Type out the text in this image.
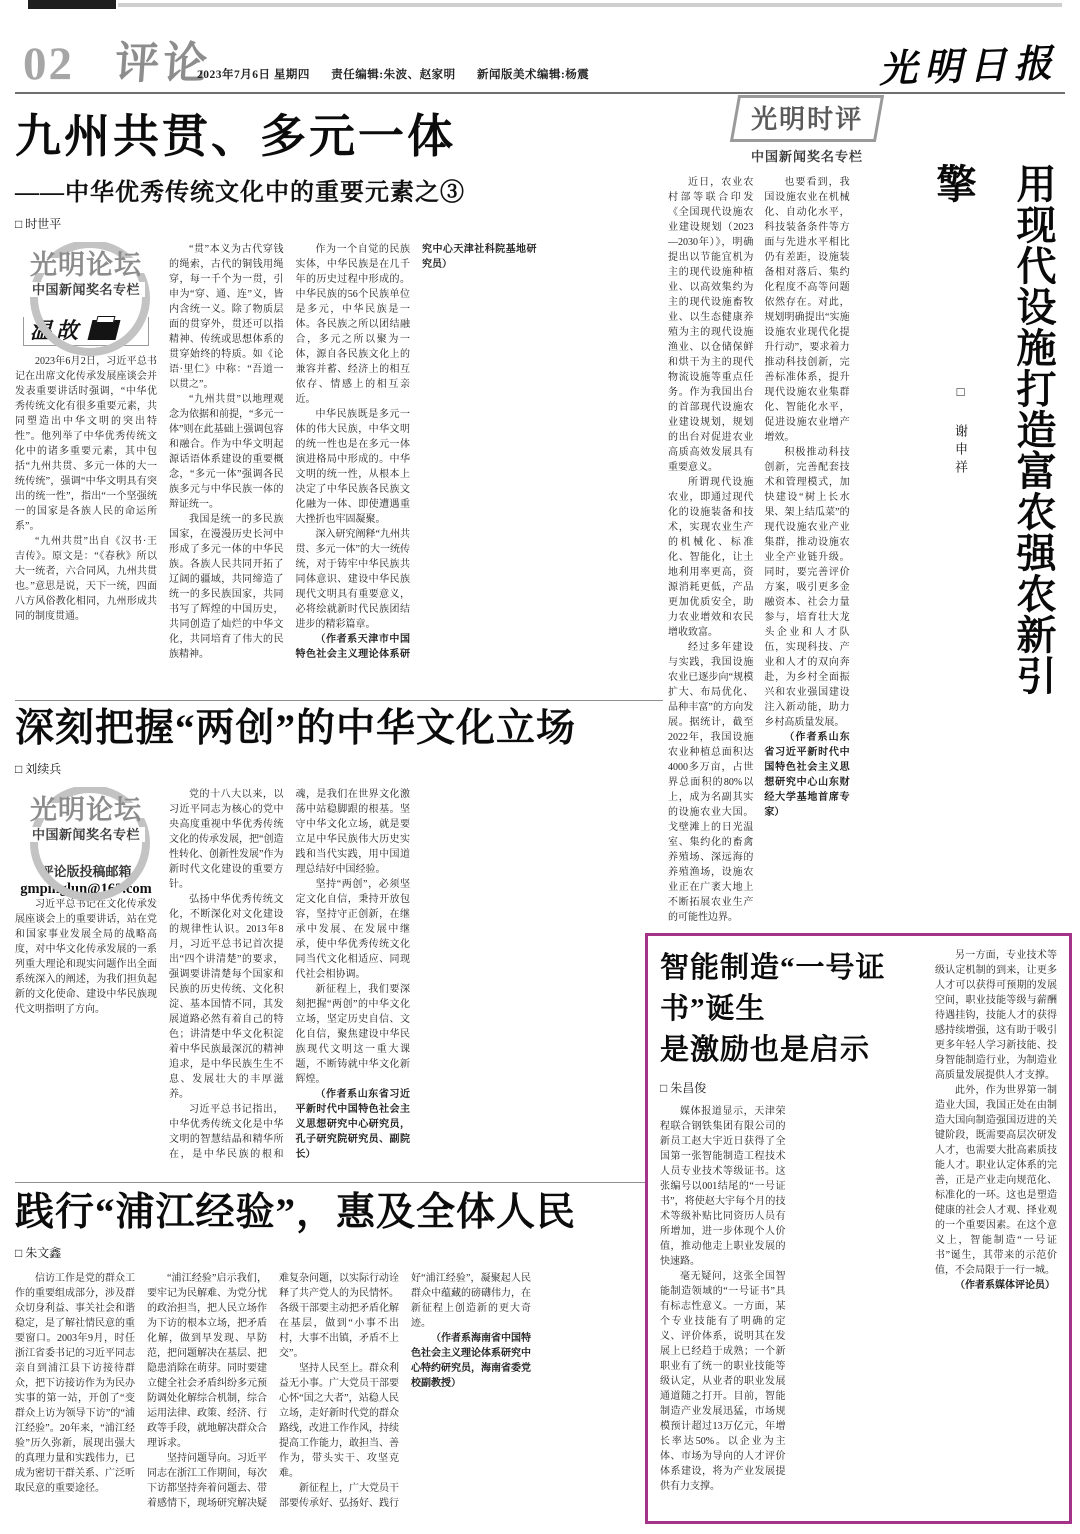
02 评论
2023年7月6日 星期四 责任编辑:朱波、赵家明 新闻版美术编辑:杨震	光明日报
九州共贯、多元一体
——中华优秀传统文化中的重要元素之③
□ 时世平
光明论坛
中国新闻奖名专栏
温故

2023年6月2日，习近平总书记在出席文化传承发展座谈会并发表重要讲话时强调，“中华优秀传统文化有很多重要元素，共同塑造出中华文明的突出特性”。他列举了中华优秀传统文化中的诸多重要元素，其中包括“九州共贯、多元一体的大一统传统”，强调“中华文明具有突出的统一性”，指出“一个坚强统一的国家是各族人民的命运所系”。

“九州共贯”出自《汉书·王吉传》。原文是：“《春秋》所以大一统者，六合同风，九州共贯也。”意思是说，天下一统，四面八方风俗教化相同，九州形成共同的制度贯通。

“贯”本义为古代穿钱的绳索，古代的铜钱用绳穿，每一千个为一贯，引申为“穿、通、连”义，皆内含统一义。除了物质层面的贯穿外，贯还可以指精神、传统或思想体系的贯穿始终的特质。如《论语·里仁》中称：“吾道一以贯之”。

“九州共贯”以地理观念为依据和前提，“多元一体”则在此基础上强调包容和融合。作为中华文明起源话语体系建设的重要概念，“多元一体”强调各民族多元与中华民族一体的辩证统一。

我国是统一的多民族国家，在漫漫历史长河中形成了多元一体的中华民族。各族人民共同开拓了辽阔的疆域，共同缔造了统一的多民族国家，共同书写了辉煌的中国历史，共同创造了灿烂的中华文化，共同培育了伟大的民族精神。

作为一个自觉的民族实体，中华民族是在几千年的历史过程中形成的。中华民族的56个民族单位是多元，中华民族是一体。各民族之所以团结融合，多元之所以聚为一体，源自各民族文化上的兼容并蓄、经济上的相互依存、情感上的相互亲近。

中华民族既是多元一体的伟大民族，中华文明的统一性也是在多元一体演进格局中形成的。中华文明的统一性，从根本上决定了中华民族各民族文化融为一体、即使遭遇重大挫折也牢固凝聚。

深入研究阐释“九州共贯、多元一体”的大一统传统，对于铸牢中华民族共同体意识、建设中华民族现代文明具有重要意义，必将绘就新时代民族团结进步的精彩篇章。

（作者系天津市中国特色社会主义理论体系研究中心天津社科院基地研究员）

深刻把握“两创”的中华文化立场
□ 刘续兵
光明论坛
中国新闻奖名专栏
评论版投稿邮箱
gmpinglun@163.com

习近平总书记在文化传承发展座谈会上的重要讲话，站在党和国家事业发展全局的战略高度，对中华文化传承发展的一系列重大理论和现实问题作出全面系统深入的阐述，为我们担负起新的文化使命、建设中华民族现代文明指明了方向。

党的十八大以来，以习近平同志为核心的党中央高度重视中华优秀传统文化的传承发展，把“创造性转化、创新性发展”作为新时代文化建设的重要方针。

弘扬中华优秀传统文化，不断深化对文化建设的规律性认识。2013年8月，习近平总书记首次提出“四个讲清楚”的要求，强调要讲清楚每个国家和民族的历史传统、文化积淀、基本国情不同，其发展道路必然有着自己的特色；讲清楚中华文化积淀着中华民族最深沉的精神追求，是中华民族生生不息、发展壮大的丰厚滋养。

习近平总书记指出，中华优秀传统文化是中华文明的智慧结晶和精华所在，是中华民族的根和魂，是我们在世界文化激荡中站稳脚跟的根基。坚守中华文化立场，就是要立足中华民族伟大历史实践和当代实践，用中国道理总结好中国经验。

坚持“两创”，必须坚定文化自信，秉持开放包容，坚持守正创新，在继承中发展、在发展中继承，使中华优秀传统文化同当代文化相适应、同现代社会相协调。

新征程上，我们要深刻把握“两创”的中华文化立场，坚定历史自信、文化自信，聚焦建设中华民族现代文明这一重大课题，不断铸就中华文化新辉煌。

（作者系山东省习近平新时代中国特色社会主义思想研究中心研究员，孔子研究院研究员、副院长）

践行“浦江经验”，惠及全体人民
□ 朱文鑫

信访工作是党的群众工作的重要组成部分，涉及群众切身利益、事关社会和谐稳定，是了解社情民意的重要窗口。2003年9月，时任浙江省委书记的习近平同志亲自到浦江县下访接待群众，把下访接访作为为民办实事的第一站，开创了“变群众上访为领导下访”的“浦江经验”。20年来，“浦江经验”历久弥新，展现出强大的真理力量和实践伟力，已成为密切干群关系、广泛听取民意的重要途径。

“浦江经验”启示我们，要牢记为民解难、为党分忧的政治担当，把人民立场作为下访的根本立场，把矛盾化解，做到早发现、早防范，把问题解决在基层、把隐患消除在萌芽。同时要建立健全社会矛盾纠纷多元预防调处化解综合机制，综合运用法律、政策、经济、行政等手段，就地解决群众合理诉求。

坚持问题导向。习近平同志在浙江工作期间，每次下访都坚持奔着问题去、带着感情下，现场研究解决疑难复杂问题，以实际行动诠释了共产党人的为民情怀。各级干部要主动把矛盾化解在基层，做到“小事不出村，大事不出镇，矛盾不上交”。

坚持人民至上。群众利益无小事。广大党员干部要心怀“国之大者”，站稳人民立场，走好新时代党的群众路线，改进工作作风，持续提高工作能力，敢担当、善作为，带头实干、攻坚克难。

新征程上，广大党员干部要传承好、弘扬好、践行好“浦江经验”，凝聚起人民群众中蕴藏的磅礴伟力，在新征程上创造新的更大奇迹。

（作者系海南省中国特色社会主义理论体系研究中心特约研究员，海南省委党校副教授）

光明时评
中国新闻奖名专栏

近日，农业农村部等联合印发《全国现代设施农业建设规划（2023—2030年）》，明确提出以节能宜机为主的现代设施种植业、以高效集约为主的现代设施畜牧业、以生态健康养殖为主的现代设施渔业、以仓储保鲜和烘干为主的现代物流设施等重点任务。作为我国出台的首部现代设施农业建设规划，规划的出台对促进农业高质高效发展具有重要意义。

所谓现代设施农业，即通过现代化的设施装备和技术，实现农业生产的机械化、标准化、智能化，让土地利用率更高，资源消耗更低，产品更加优质安全，助力农业增效和农民增收致富。

经过多年建设与实践，我国设施农业已逐步向“规模扩大、布局优化、品种丰富”的方向发展。据统计，截至2022年，我国设施农业种植总面积达4000多万亩，占世界总面积的80%以上，成为名副其实的设施农业大国。戈壁滩上的日光温室、集约化的畜禽养殖场、深远海的养殖渔场，设施农业正在广袤大地上不断拓展农业生产的可能性边界。

也要看到，我国设施农业在机械化、自动化水平，科技装备条件等方面与先进水平相比仍有差距，设施装备相对落后、集约化程度不高等问题依然存在。对此，规划明确提出“实施设施农业现代化提升行动”，要求着力推动科技创新，完善标准体系，提升现代设施农业集群化、智能化水平，促进设施农业增产增效。

积极推动科技创新，完善配套技术和管理模式，加快建设“树上长水果、架上结瓜菜”的现代设施农业产业集群，推动设施农业全产业链升级。同时，要完善评价方案，吸引更多金融资本、社会力量参与，培育壮大龙头企业和人才队伍，实现科技、产业和人才的双向奔赴，为乡村全面振兴和农业强国建设注入新动能，助力乡村高质量发展。

（作者系山东省习近平新时代中国特色社会主义思想研究中心山东财经大学基地首席专家）

□ 谢申祥	用现代设施打造富农强农新引擎
智能制造“一号证书”诞生
是激励也是启示
□ 朱昌俊

媒体报道显示，天津荣程联合钢铁集团有限公司的新员工赵大宇近日获得了全国第一张智能制造工程技术人员专业技术等级证书。这张编号以001结尾的“一号证书”，将使赵大宇每个月的技术等级补贴比同资历人员有所增加，进一步体现个人价值，推动他走上职业发展的快速路。

毫无疑问，这张全国智能制造领域的“一号证书”具有标志性意义。一方面，某个专业技能有了明确的定义、评价体系，说明其在发展上已经趋于成熟；一个新职业有了统一的职业技能等级认定，从业者的职业发展通道随之打开。目前，智能制造产业发展迅猛，市场规模预计超过13万亿元，年增长率达50%。以企业为主体、市场为导向的人才评价体系建设，将为产业发展提供有力支撑。

另一方面，专业技术等级认定机制的到来，让更多人才可以获得可预期的发展空间，职业技能等级与薪酬待遇挂钩，技能人才的获得感持续增强，这有助于吸引更多年轻人学习新技能、投身智能制造行业，为制造业高质量发展提供人才支撑。

此外，作为世界第一制造业大国，我国正处在由制造大国向制造强国迈进的关键阶段，既需要高层次研发人才，也需要大批高素质技能人才。职业认定体系的完善，正是产业走向规范化、标准化的一环。这也是塑造健康的社会人才观、择业观的一个重要因素。在这个意义上，智能制造“一号证书”诞生，其带来的示范价值，不会局限于一行一城。

（作者系媒体评论员）
